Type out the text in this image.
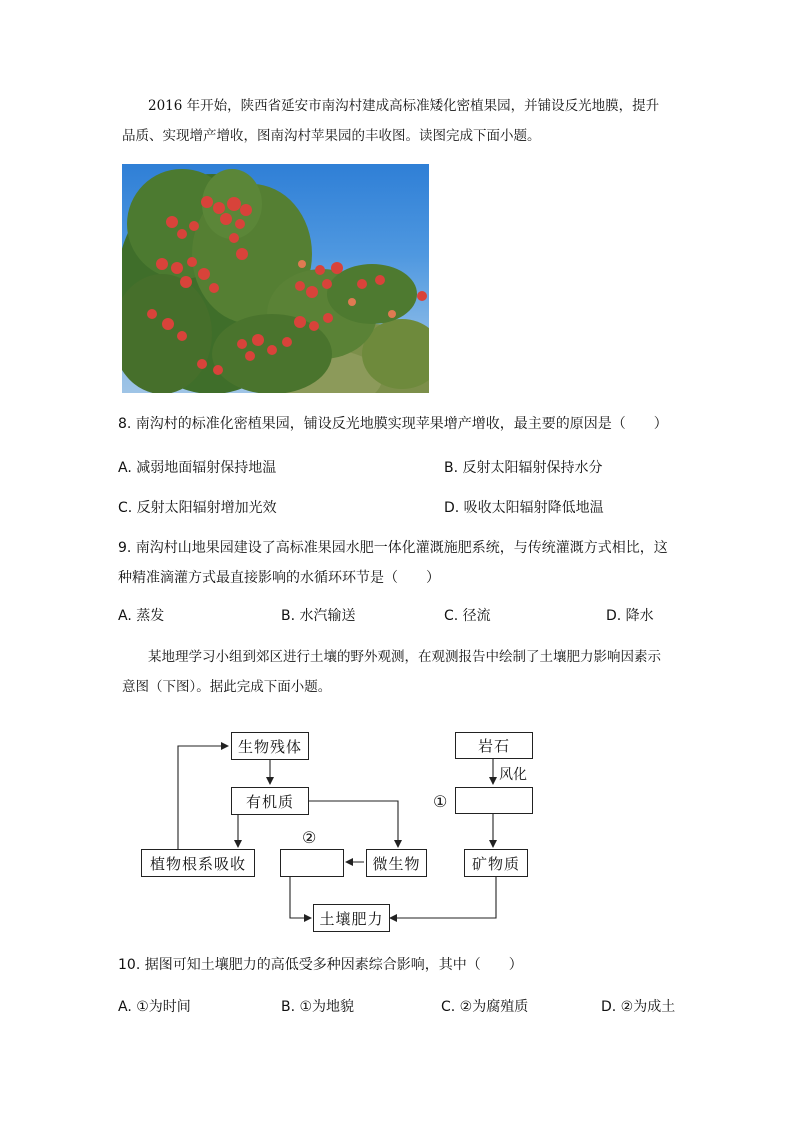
2016 年开始，陕西省延安市南沟村建成高标准矮化密植果园，并铺设反光地膜，提升
品质、实现增产增收，图南沟村苹果园的丰收图。读图完成下面小题。
8. 南沟村的标准化密植果园，铺设反光地膜实现苹果增产增收，最主要的原因是（　　）
A. 减弱地面辐射保持地温	B. 反射太阳辐射保持水分
C. 反射太阳辐射增加光效	D. 吸收太阳辐射降低地温
9. 南沟村山地果园建设了高标准果园水肥一体化灌溉施肥系统，与传统灌溉方式相比，这
种精准滴灌方式最直接影响的水循环环节是（　　）
A. 蒸发	B. 水汽输送	C. 径流	D. 降水
某地理学习小组到郊区进行土壤的野外观测，在观测报告中绘制了土壤肥力影响因素示
意图（下图）。据此完成下面小题。
生物残体
有机质
植物根系吸收
②
微生物
土壤肥力
岩石
风化
①
矿物质
10. 据图可知土壤肥力的高低受多种因素综合影响，其中（　　）
A. ①为时间	B. ①为地貌	C. ②为腐殖质	D. ②为成土
